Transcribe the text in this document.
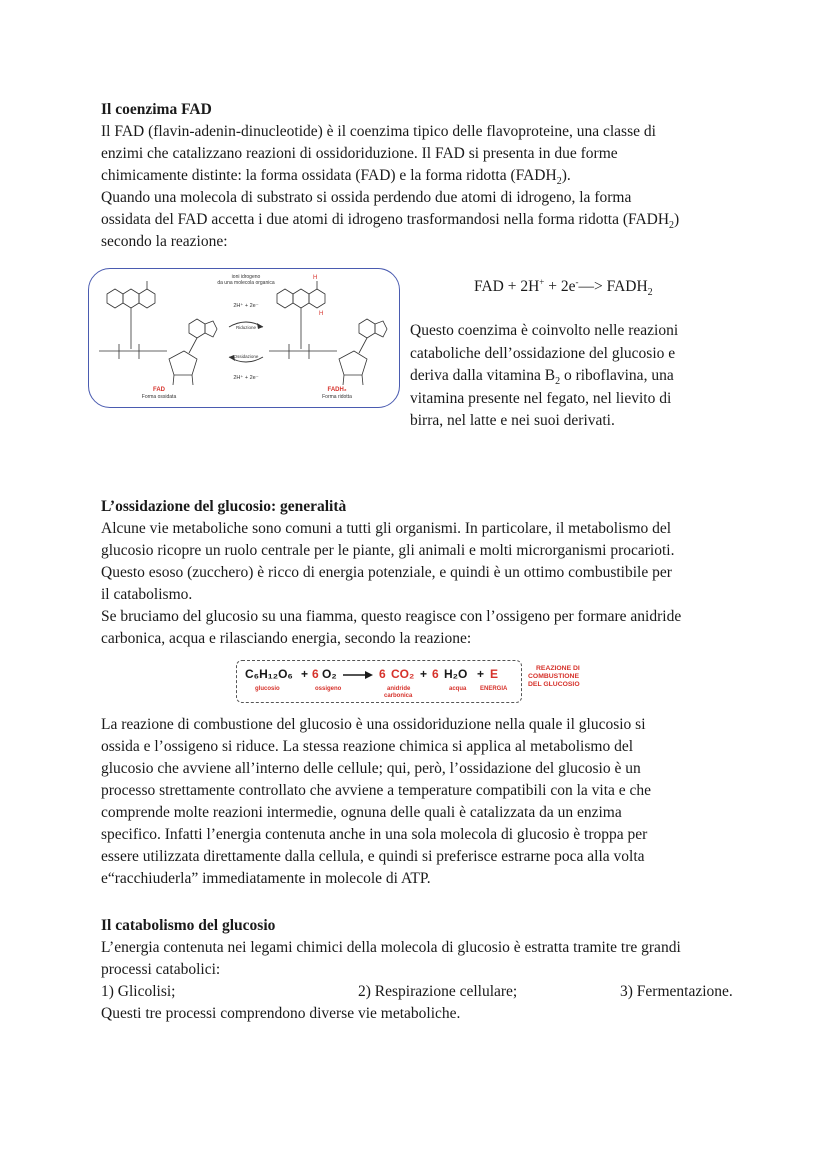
Il coenzima FAD
Il FAD (flavin-adenin-dinucleotide) è il coenzima tipico delle flavoproteine, una classe di
enzimi che catalizzano reazioni di ossidoriduzione. Il FAD si presenta in due forme
chimicamente distinte: la forma ossidata (FAD) e la forma ridotta $(FADH_2)$.
Quando una molecola di substrato si ossida perdendo due atomi di idrogeno, la forma
ossidata del FAD accetta i due atomi di idrogeno trasformandosi nella forma ridotta $(FADH_2)$
secondo la reazione:
H
H
ioni idrogeno
da una molecola organica
2H⁺ + 2e⁻
Riduzione
Ossidazione
2H⁺ + 2e⁻
FAD
Forma ossidata
FADH₂
Forma ridotta
FAD + 2H+ + 2e-—> $FADH_2$
Questo coenzima è coinvolto nelle reazioni
cataboliche dell’ossidazione del glucosio e
deriva dalla vitamina $B_2$ o riboflavina, una
vitamina presente nel fegato, nel lievito di
birra, nel latte e nei suoi derivati.
L’ossidazione del glucosio: generalità
Alcune vie metaboliche sono comuni a tutti gli organismi. In particolare, il metabolismo del
glucosio ricopre un ruolo centrale per le piante, gli animali e molti microrganismi procarioti.
Questo esoso (zucchero) è ricco di energia potenziale, e quindi è un ottimo combustibile per
il catabolismo.
Se bruciamo del glucosio su una fiamma, questo reagisce con l’ossigeno per formare anidride
carbonica, acqua e rilasciando energia, secondo la reazione:
C₆H₁₂O₆ + 6 O₂ → 6 CO₂ + 6 H₂O + E
glucosio	ossigeno	anidride
carbonica
acqua ENERGIA
REAZIONE DI
COMBUSTIONE
DEL GLUCOSIO
La reazione di combustione del glucosio è una ossidoriduzione nella quale il glucosio si
ossida e l’ossigeno si riduce. La stessa reazione chimica si applica al metabolismo del
glucosio che avviene all’interno delle cellule; qui, però, l’ossidazione del glucosio è un
processo strettamente controllato che avviene a temperature compatibili con la vita e che
comprende molte reazioni intermedie, ognuna delle quali è catalizzata da un enzima
specifico. Infatti l’energia contenuta anche in una sola molecola di glucosio è troppa per
essere utilizzata direttamente dalla cellula, e quindi si preferisce estrarne poca alla volta
e“racchiuderla” immediatamente in molecole di ATP.
Il catabolismo del glucosio
L’energia contenuta nei legami chimici della molecola di glucosio è estratta tramite tre grandi
processi catabolici:
1) Glicolisi;	2) Respirazione cellulare;	3) Fermentazione.
Questi tre processi comprendono diverse vie metaboliche.
